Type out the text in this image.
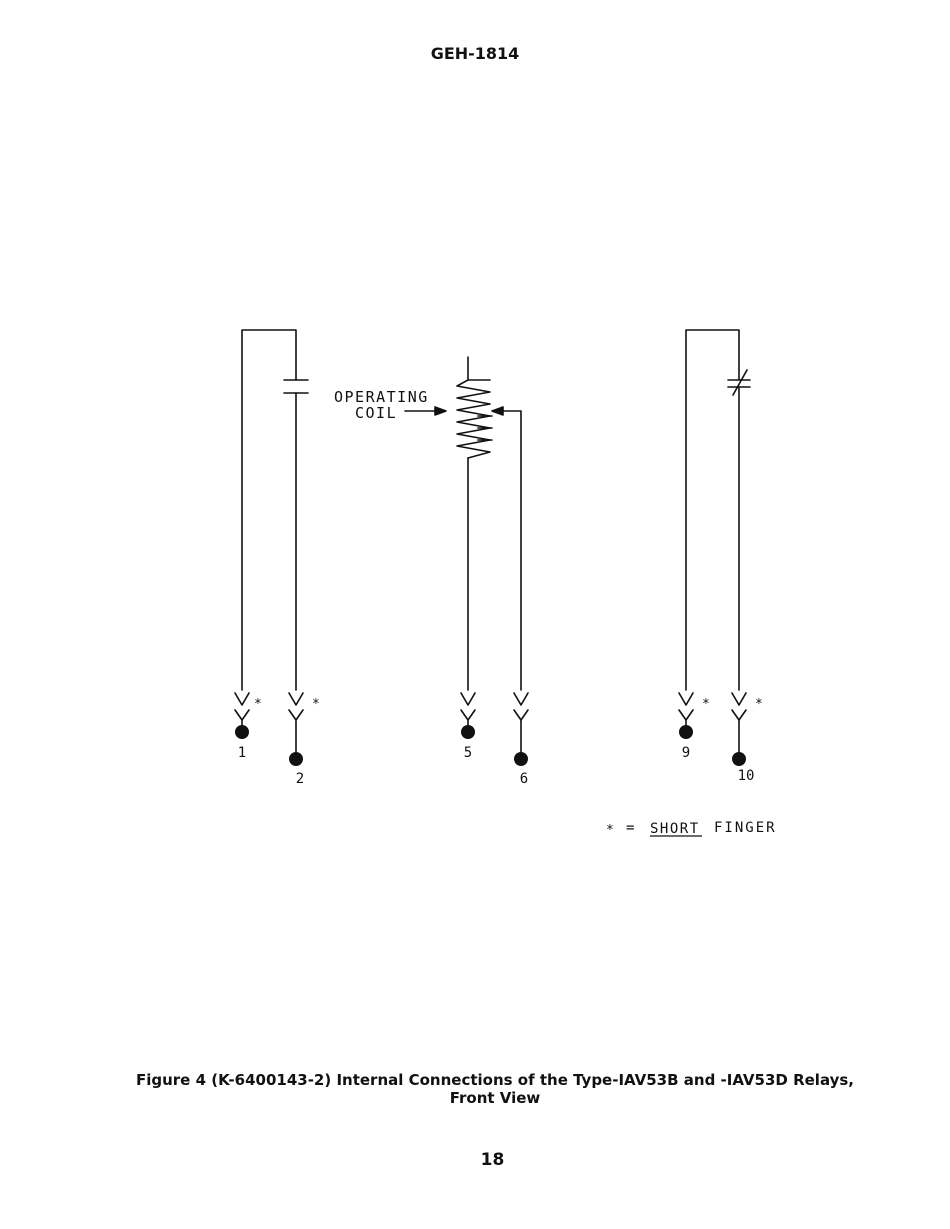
GEH-1814
OPERATING
COIL
*	*	*	*
1
2
5
6
9
10
* = SHORT FINGER
Figure 4 (K-6400143-2) Internal Connections of the Type-IAV53B and -IAV53D Relays,
Front View
18
